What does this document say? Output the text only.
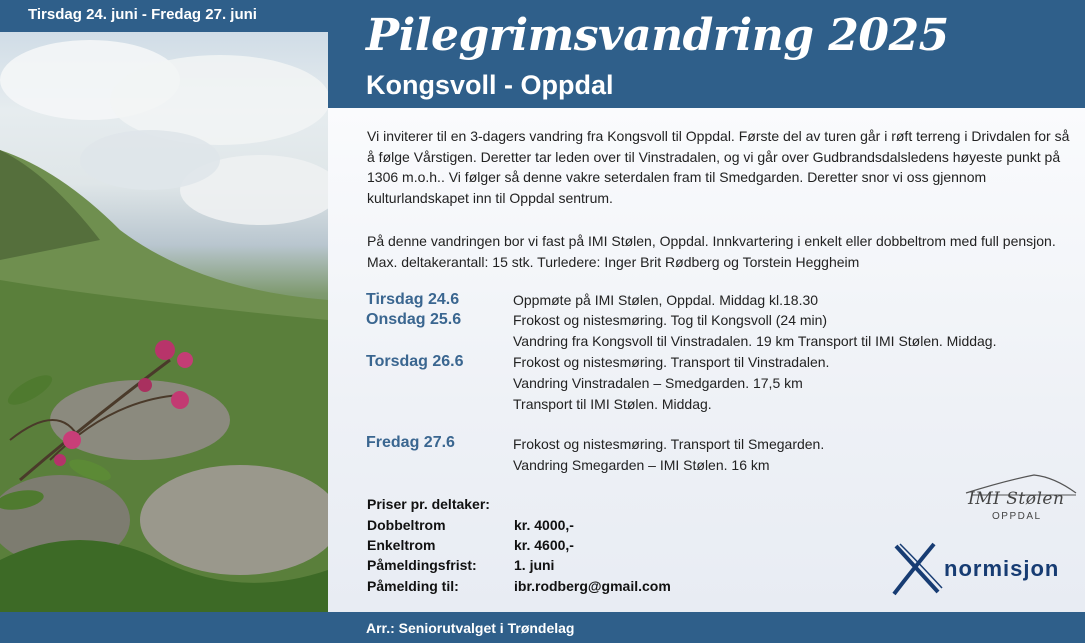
Tirsdag 24. juni - Fredag 27. juni	Pilegrimsvandring 2025
Kongsvoll - Oppdal

Vi inviterer til en 3-dagers vandring fra Kongsvoll til Oppdal. Første del av turen går i røft terreng i Drivdalen for så å følge Vårstigen. Deretter tar leden over til Vinstradalen, og vi går over Gudbrandsdalsledens høyeste punkt på 1306 m.o.h.. Vi følger så denne vakre seterdalen fram til Smedgarden. Deretter snor vi oss gjennom kulturlandskapet inn til Oppdal sentrum.

På denne vandringen bor vi fast på IMI Stølen, Oppdal. Innkvartering i enkelt eller dobbeltrom med full pensjon. Max. deltakerantall: 15 stk. Turledere: Inger Brit Rødberg og Torstein Heggheim

Tirsdag 24.6	Oppmøte på IMI Stølen, Oppdal. Middag kl.18.30
Onsdag 25.6	Frokost og nistesmøring. Tog til Kongsvoll (24 min)
Vandring fra Kongsvoll til Vinstradalen. 19 km Transport til IMI Stølen. Middag.
Torsdag 26.6	Frokost og nistesmøring. Transport til Vinstradalen.
Vandring Vinstradalen – Smedgarden. 17,5 km
Transport til IMI Stølen. Middag.
Fredag 27.6	Frokost og nistesmøring. Transport til Smegarden.
Vandring Smegarden – IMI Stølen. 16 km
Priser pr. deltaker:
Dobbeltrom	kr. 4000,-
Enkeltrom	kr. 4600,-
Påmeldingsfrist:	1. juni
Påmelding til:	ibr.rodberg@gmail.com
IMI Stølen
OPPDAL
normisjon
Arr.: Seniorutvalget i Trøndelag
